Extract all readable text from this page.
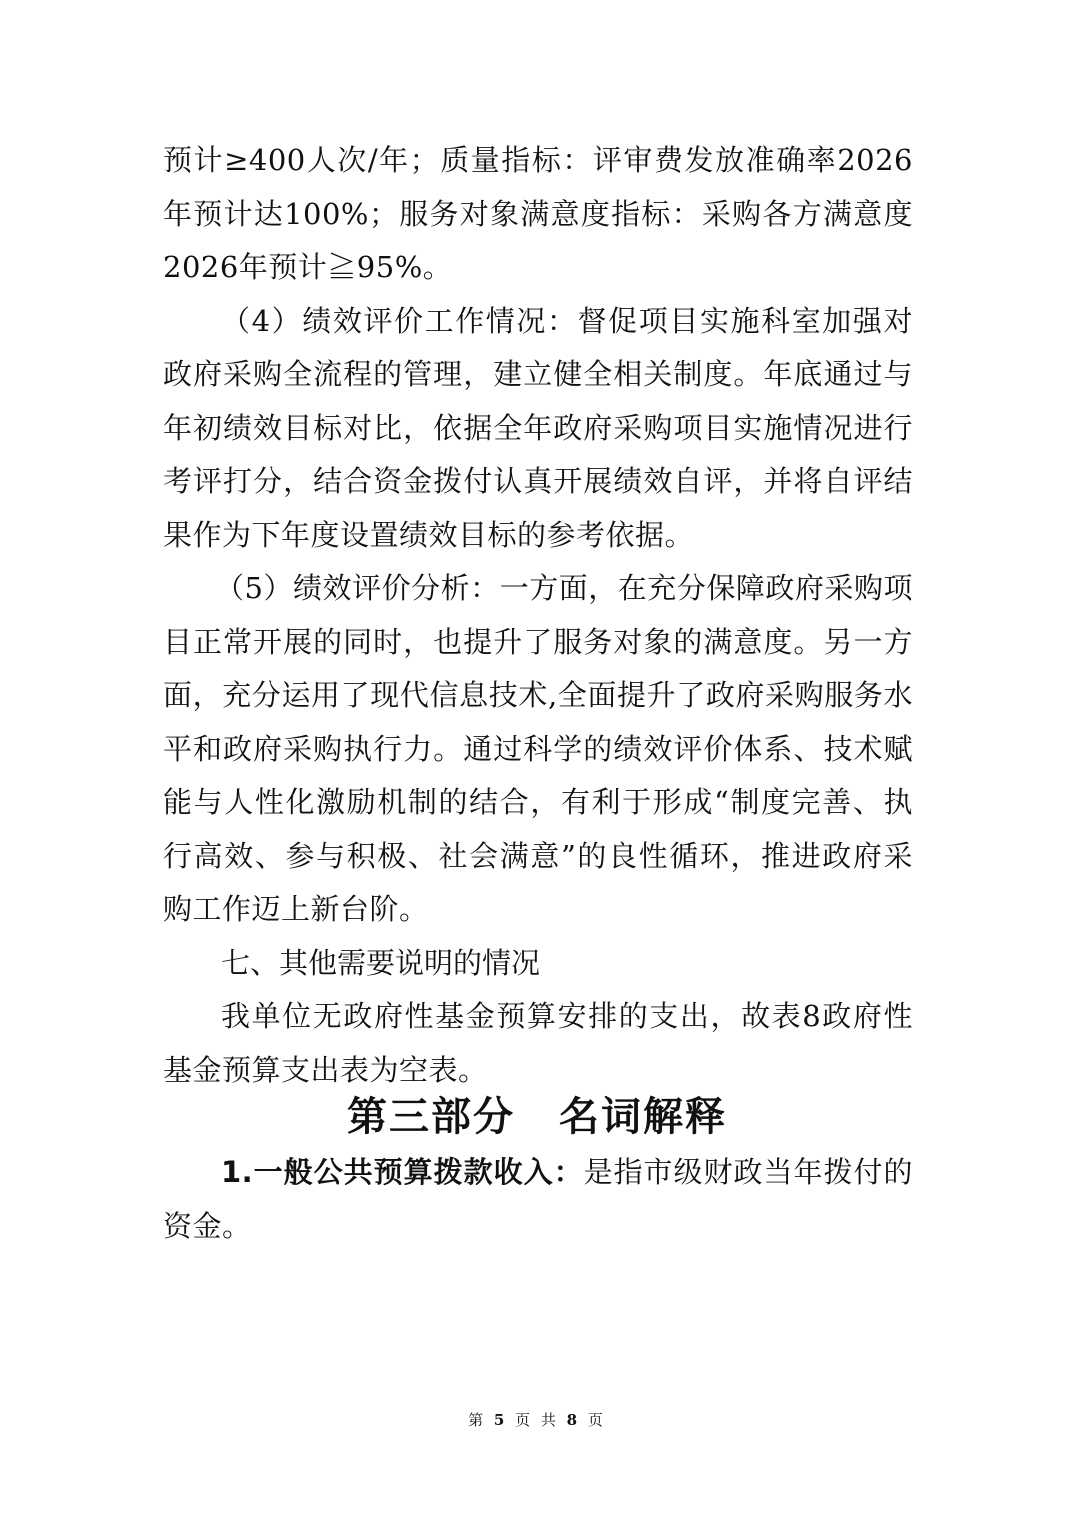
预计≥400人次/年；质量指标：评审费发放准确率2026年预计达100%；服务对象满意度指标：采购各方满意度2026年预计≧95%。

（4）绩效评价工作情况：督促项目实施科室加强对政府采购全流程的管理，建立健全相关制度。年底通过与年初绩效目标对比，依据全年政府采购项目实施情况进行考评打分，结合资金拨付认真开展绩效自评，并将自评结果作为下年度设置绩效目标的参考依据。

（5）绩效评价分析：一方面，在充分保障政府采购项目正常开展的同时，也提升了服务对象的满意度。另一方面，充分运用了现代信息技术,全面提升了政府采购服务水平和政府采购执行力。通过科学的绩效评价体系、技术赋能与人性化激励机制的结合，有利于形成“制度完善、执行高效、参与积极、社会满意”的良性循环，推进政府采购工作迈上新台阶。

七、其他需要说明的情况

我单位无政府性基金预算安排的支出，故表8政府性基金预算支出表为空表。

第三部分 名词解释

1.一般公共预算拨款收入：是指市级财政当年拨付的资金。

第 5 页 共 8 页
